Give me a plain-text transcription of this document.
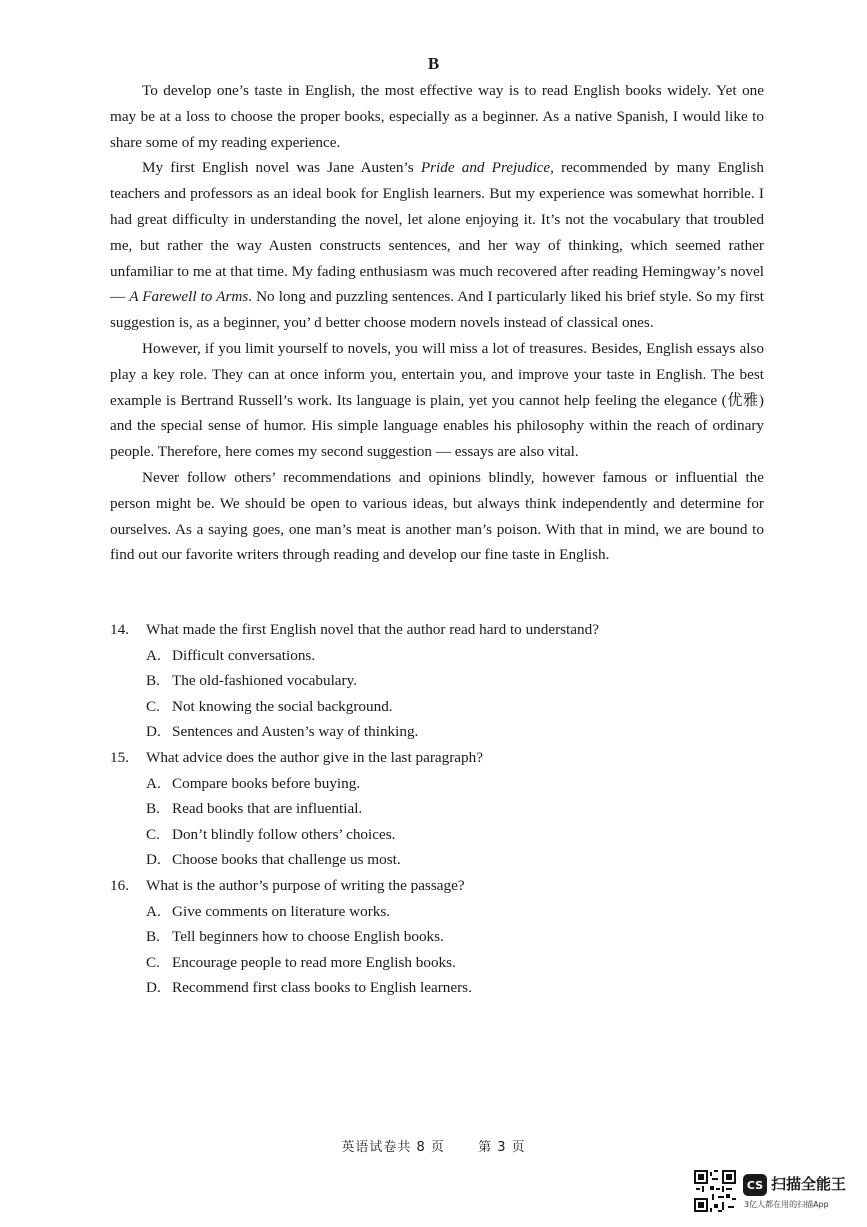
B

To develop one’s taste in English, the most effective way is to read English books widely. Yet one may be at a loss to choose the proper books, especially as a beginner. As a native Spanish, I would like to share some of my reading experience.

My first English novel was Jane Austen’s Pride and Prejudice, recommended by many English teachers and professors as an ideal book for English learners. But my experience was somewhat horrible. I had great difficulty in understanding the novel, let alone enjoying it. It’s not the vocabulary that troubled me, but rather the way Austen constructs sentences, and her way of thinking, which seemed rather unfamiliar to me at that time. My fading enthusiasm was much recovered after reading Hemingway’s novel — A Farewell to Arms. No long and puzzling sentences. And I particularly liked his brief style. So my first suggestion is, as a beginner, you’ d better choose modern novels instead of classical ones.

However, if you limit yourself to novels, you will miss a lot of treasures. Besides, English essays also play a key role. They can at once inform you, entertain you, and improve your taste in English. The best example is Bertrand Russell’s work. Its language is plain, yet you cannot help feeling the elegance (优雅) and the special sense of humor. His simple language enables his philosophy within the reach of ordinary people. Therefore, here comes my second suggestion — essays are also vital.

Never follow others’ recommendations and opinions blindly, however famous or influential the person might be. We should be open to various ideas, but always think independently and determine for ourselves. As a saying goes, one man’s meat is another man’s poison. With that in mind, we are bound to find out our favorite writers through reading and develop our fine taste in English.

14.	What made the first English novel that the author read hard to understand?
A. Difficult conversations.
B. The old-fashioned vocabulary.
C. Not knowing the social background.
D. Sentences and Austen’s way of thinking.
15.	What advice does the author give in the last paragraph?
A. Compare books before buying.
B. Read books that are influential.
C. Don’t blindly follow others’ choices.
D. Choose books that challenge us most.
16.	What is the author’s purpose of writing the passage?
A. Give comments on literature works.
B. Tell beginners how to choose English books.
C. Encourage people to read more English books.
D. Recommend first class books to English learners.
英语试卷共 8 页	第 3 页
CS 扫描全能王
3亿人都在用的扫描App
